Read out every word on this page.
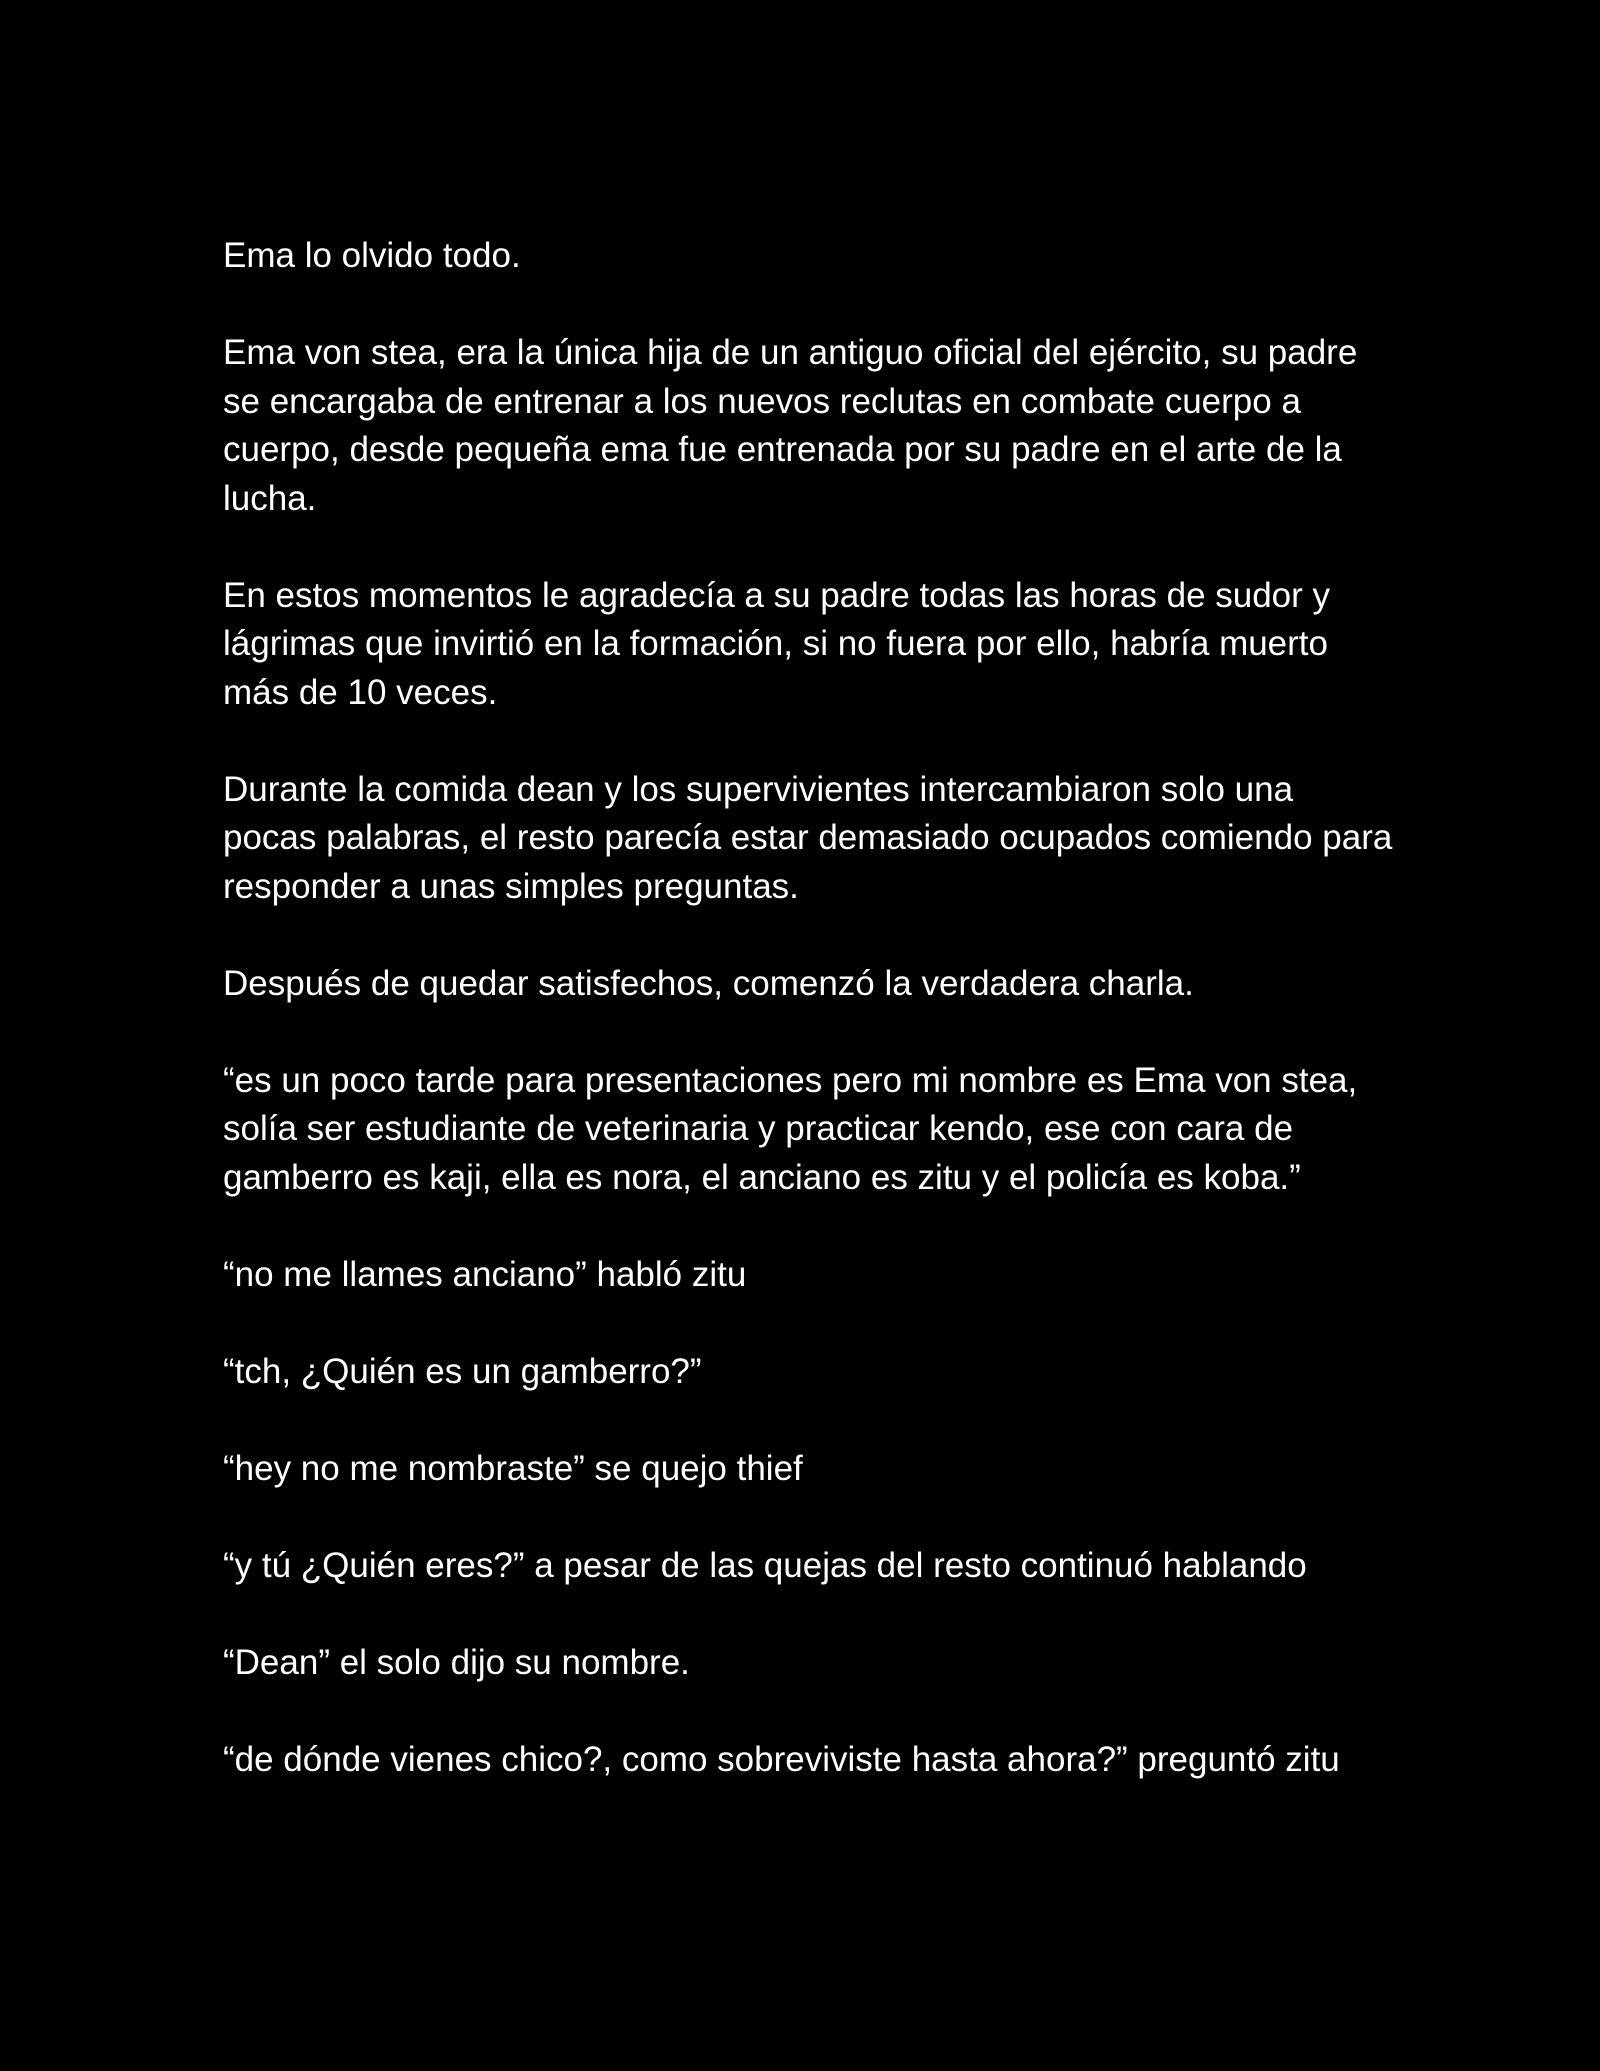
Ema lo olvido todo.

Ema von stea, era la única hija de un antiguo oficial del ejército, su padre se encargaba de entrenar a los nuevos reclutas en combate cuerpo a cuerpo, desde pequeña ema fue entrenada por su padre en el arte de la lucha.

En estos momentos le agradecía a su padre todas las horas de sudor y lágrimas que invirtió en la formación, si no fuera por ello, habría muerto más de 10 veces.

Durante la comida dean y los supervivientes intercambiaron solo una pocas palabras, el resto parecía estar demasiado ocupados comiendo para responder a unas simples preguntas.

Después de quedar satisfechos, comenzó la verdadera charla.

“es un poco tarde para presentaciones pero mi nombre es Ema von stea, solía ser estudiante de veterinaria y practicar kendo, ese con cara de gamberro es kaji, ella es nora, el anciano es zitu y el policía es koba.”

“no me llames anciano” habló zitu

“tch, ¿Quién es un gamberro?”

“hey no me nombraste” se quejo thief

“y tú ¿Quién eres?” a pesar de las quejas del resto continuó hablando

“Dean” el solo dijo su nombre.

“de dónde vienes chico?, como sobreviviste hasta ahora?” preguntó zitu
